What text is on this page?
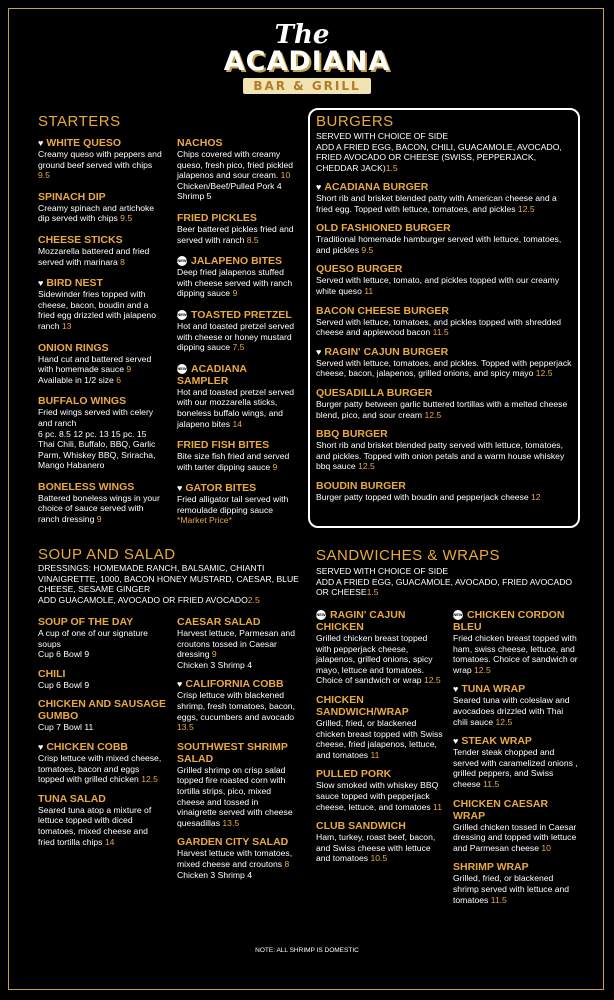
The
ACADIANA
BAR & GRILL
STARTERS
♥ WHITE QUESO
Creamy queso with peppers and ground beef served with chips 9.5
SPINACH DIP
Creamy spinach and artichoke dip served with chips 9.5
CHEESE STICKS
Mozzarella battered and fried served with marinara 8
♥ BIRD NEST
Sidewinder fries topped with cheese, bacon, boudin and a fried egg drizzled with jalapeno ranch 13
ONION RINGS
Hand cut and battered served with homemade sauce 9
Available in 1/2 size 6
BUFFALO WINGS
Fried wings served with celery and ranch
6 pc. 8.5 12 pc. 13 15 pc. 15
Thai Chili, Buffalo, BBQ, Garlic Parm, Whiskey BBQ, Sriracha, Mango Habanero
BONELESS WINGS
Battered boneless wings in your choice of sauce served with ranch dressing 9
NACHOS
Chips covered with creamy queso, fresh pico, fried pickled jalapenos and sour cream. 10
Chicken/Beef/Pulled Pork 4
Shrimp 5
FRIED PICKLES
Beer battered pickles fried and served with ranch 8.5
NEW JALAPENO BITES
Deep fried jalapenos stuffed with cheese served with ranch dipping sauce 9
NEW TOASTED PRETZEL
Hot and toasted pretzel served with cheese or honey mustard dipping sauce 7.5
NEW ACADIANA SAMPLER
Hot and toasted pretzel served with our mozzarella sticks, boneless buffalo wings, and jalapeno bites 14
FRIED FISH BITES
Bite size fish fried and served with tarter dipping sauce 9
♥ GATOR BITES
Fried alligator tail served with remoulade dipping sauce *Market Price*
BURGERS
SERVED WITH CHOICE OF SIDE
ADD A FRIED EGG, BACON, CHILI, GUACAMOLE, AVOCADO, FRIED AVOCADO OR CHEESE (SWISS, PEPPERJACK, CHEDDAR JACK)1.5
♥ ACADIANA BURGER
Short rib and brisket blended patty with American cheese and a fried egg. Topped with lettuce, tomatoes, and pickles 12.5
OLD FASHIONED BURGER
Traditional homemade hamburger served with lettuce, tomatoes, and pickles 9.5
QUESO BURGER
Served with lettuce, tomato, and pickles topped with our creamy white queso 11
BACON CHEESE BURGER
Served with lettuce, tomatoes, and pickles topped with shredded cheese and applewood bacon 11.5
♥ RAGIN' CAJUN BURGER
Served with lettuce, tomatoes, and pickles. Topped with pepperjack cheese, bacon, jalapenos, grilled onions, and spicy mayo 12.5
QUESADILLA BURGER
Burger patty between garlic buttered tortillas with a melted cheese blend, pico, and sour cream 12.5
BBQ BURGER
Short rib and brisket blended patty served with lettuce, tomatoes, and pickles. Topped with onion petals and a warm house whiskey bbq sauce 12.5
BOUDIN BURGER
Burger patty topped with boudin and pepperjack cheese 12
SOUP AND SALAD
DRESSINGS: HOMEMADE RANCH, BALSAMIC, CHIANTI VINAIGRETTE, 1000, BACON HONEY MUSTARD, CAESAR, BLUE CHEESE, SESAME GINGER
ADD GUACAMOLE, AVOCADO OR FRIED AVOCADO2.5
SOUP OF THE DAY
A cup of one of our signature soups
Cup 6 Bowl 9
CHILI
Cup 6 Bowl 9
CHICKEN AND SAUSAGE GUMBO
Cup 7 Bowl 11
♥ CHICKEN COBB
Crisp lettuce with mixed cheese, tomatoes, bacon and eggs topped with grilled chicken 12.5
TUNA SALAD
Seared tuna atop a mixture of lettuce topped with diced tomatoes, mixed cheese and fried tortilla chips 14
CAESAR SALAD
Harvest lettuce, Parmesan and croutons tossed in Caesar dressing 9
Chicken 3 Shrimp 4
♥ CALIFORNIA COBB
Crisp lettuce with blackened shrimp, fresh tomatoes, bacon, eggs, cucumbers and avocado 13.5
SOUTHWEST SHRIMP SALAD
Grilled shrimp on crisp salad topped fire roasted corn with tortilla strips, pico, mixed cheese and tossed in vinaigrette served with cheese quesadillas 13.5
GARDEN CITY SALAD
Harvest lettuce with tomatoes, mixed cheese and croutons 8
Chicken 3 Shrimp 4
SANDWICHES & WRAPS
SERVED WITH CHOICE OF SIDE
ADD A FRIED EGG, GUACAMOLE, AVOCADO, FRIED AVOCADO OR CHEESE1.5
NEW RAGIN' CAJUN CHICKEN
Grilled chicken breast topped with pepperjack cheese, jalapenos, grilled onions, spicy mayo, lettuce and tomatoes. Choice of sandwich or wrap 12.5
CHICKEN SANDWICH/WRAP
Grilled, fried, or blackened chicken breast topped with Swiss cheese, fried jalapenos, lettuce, and tomatoes 11
PULLED PORK
Slow smoked with whiskey BBQ sauce topped with pepperjack cheese, lettuce, and tomatoes 11
CLUB SANDWICH
Ham, turkey, roast beef, bacon, and Swiss cheese with lettuce and tomatoes 10.5
NEW CHICKEN CORDON BLEU
Fried chicken breast topped with ham, swiss cheese, lettuce, and tomatoes. Choice of sandwich or wrap 12.5
♥ TUNA WRAP
Seared tuna with coleslaw and avocadoes drizzled with Thai chili sauce 12.5
♥ STEAK WRAP
Tender steak chopped and served with caramelized onions , grilled peppers, and Swiss cheese 11.5
CHICKEN CAESAR WRAP
Grilled chicken tossed in Caesar dressing and topped with lettuce and Parmesan cheese 10
SHRIMP WRAP
Grilled, fried, or blackened shrimp served with lettuce and tomatoes 11.5
NOTE: ALL SHRIMP IS DOMESTIC
